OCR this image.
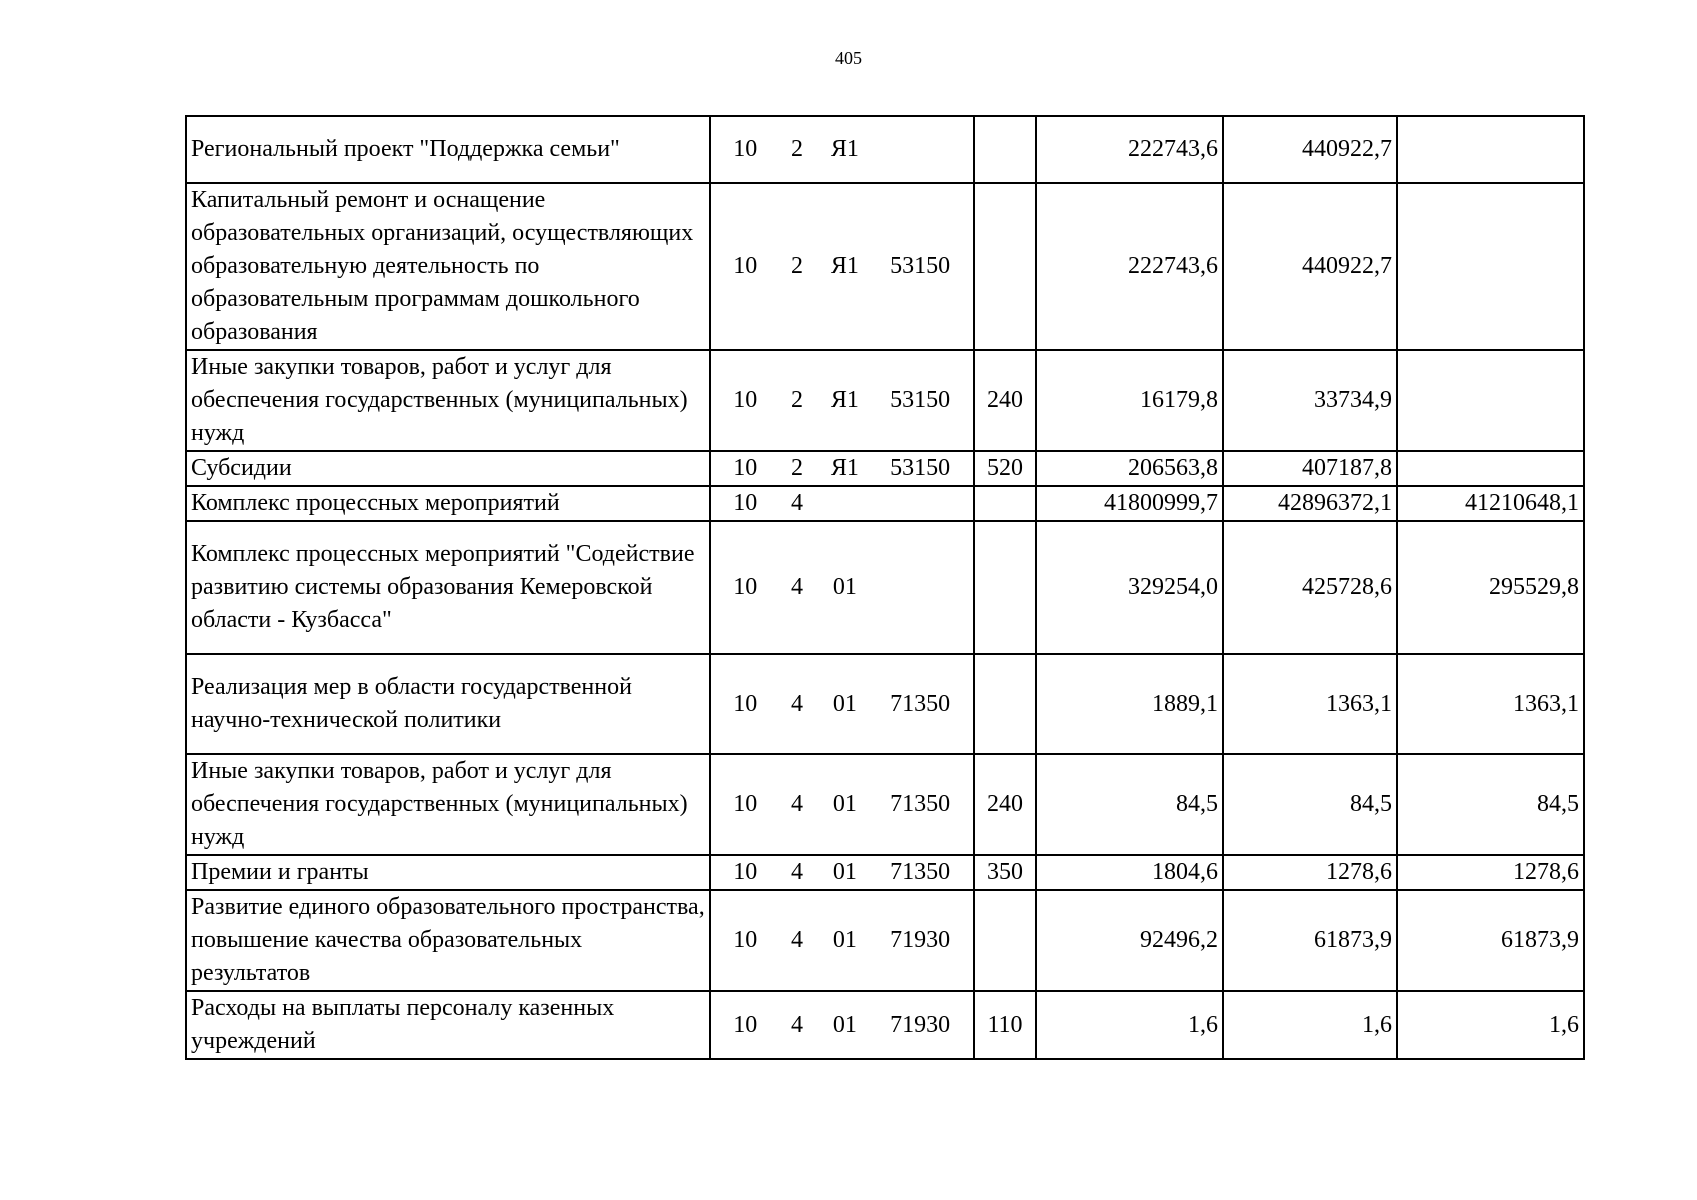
405
Региональный проект "Поддержка семьи"	10 2 Я1		222743,6	440922,7	
Капитальный ремонт и оснащение образовательных организаций, осуществляющих образовательную деятельность по образовательным программам дошкольного образования	10 2 Я1 53150		222743,6	440922,7	
Иные закупки товаров, работ и услуг для обеспечения государственных (муниципальных) нужд	10 2 Я1 53150	240	16179,8	33734,9	
Субсидии	10 2 Я1 53150	520	206563,8	407187,8	
Комплекс процессных мероприятий	10 4		41800999,7	42896372,1	41210648,1
Комплекс процессных мероприятий "Содействие развитию системы образования Кемеровской области - Кузбасса"	10 4 01		329254,0	425728,6	295529,8
Реализация мер в области государственной научно-технической политики	10 4 01 71350		1889,1	1363,1	1363,1
Иные закупки товаров, работ и услуг для обеспечения государственных (муниципальных) нужд	10 4 01 71350	240	84,5	84,5	84,5
Премии и гранты	10 4 01 71350	350	1804,6	1278,6	1278,6
Развитие единого образовательного пространства, повышение качества образовательных результатов	10 4 01 71930		92496,2	61873,9	61873,9
Расходы на выплаты персоналу казенных учреждений	10 4 01 71930	110	1,6	1,6	1,6
